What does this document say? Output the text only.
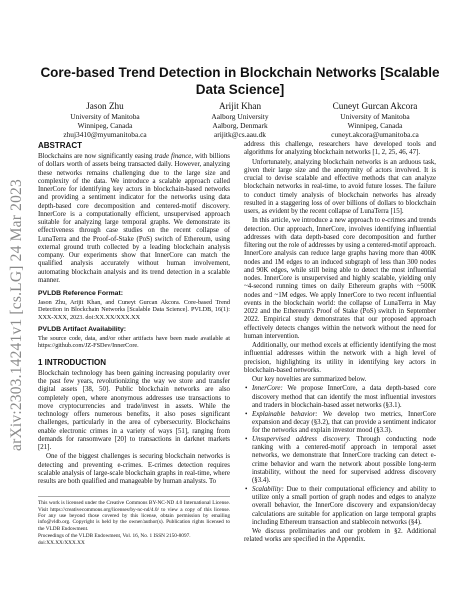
arXiv:2303.14241v1 [cs.LG] 24 Mar 2023
Core-based Trend Detection in Blockchain Networks [Scalable Data Science]
Jason Zhu
University of Manitoba
Winnipeg, Canada
zhuj3410@myumanitoba.ca
Arijit Khan
Aalborg University
Aalborg, Denmark
arijitk@cs.aau.dk
Cuneyt Gurcan Akcora
University of Manitoba
Winnipeg, Canada
cuneyt.akcora@umanitoba.ca
ABSTRACT

Blockchains are now significantly easing trade finance, with billions of dollars worth of assets being transacted daily. However, analyzing these networks remains challenging due to the large size and complexity of the data. We introduce a scalable approach called InnerCore for identifying key actors in blockchain-based networks and providing a sentiment indicator for the networks using data depth-based core decomposition and centered-motif discovery. InnerCore is a computationally efficient, unsupervised approach suitable for analyzing large temporal graphs. We demonstrate its effectiveness through case studies on the recent collapse of LunaTerra and the Proof-of-Stake (PoS) switch of Ethereum, using external ground truth collected by a leading blockchain analysis company. Our experiments show that InnerCore can match the qualified analysis accurately without human involvement, automating blockchain analysis and its trend detection in a scalable manner.

PVLDB Reference Format:

Jason Zhu, Arijit Khan, and Cuneyt Gurcan Akcora. Core-based Trend Detection in Blockchain Networks [Scalable Data Science]. PVLDB, 16(1): XXX-XXX, 2023. doi:XX.XX/XXX.XX

PVLDB Artifact Availability:

The source code, data, and/or other artifacts have been made available at https://github.com/JZ-FSDev/InnerCore.

1 INTRODUCTION

Blockchain technology has been gaining increasing popularity over the past few years, revolutionizing the way we store and transfer digital assets [38, 50]. Public blockchain networks are also completely open, where anonymous addresses use transactions to move cryptocurrencies and trade/invest in assets. While the technology offers numerous benefits, it also poses significant challenges, particularly in the area of cybersecurity. Blockchains enable electronic crimes in a variety of ways [51], ranging from demands for ransomware [20] to transactions in darknet markets [21].

One of the biggest challenges is securing blockchain networks is detecting and preventing e-crimes. E-crimes detection requires scalable analysis of large-scale blockchain graphs in real-time, where results are both qualified and manageable by human analysts. To

This work is licensed under the Creative Commons BY-NC-ND 4.0 International License. Visit https://creativecommons.org/licenses/by-nc-nd/4.0/ to view a copy of this license. For any use beyond those covered by this license, obtain permission by emailing info@vldb.org. Copyright is held by the owner/author(s). Publication rights licensed to the VLDB Endowment.

Proceedings of the VLDB Endowment, Vol. 16, No. 1 ISSN 2150-8097.

doi:XX.XX/XXX.XX

address this challenge, researchers have developed tools and algorithms for analyzing blockchain networks [1, 2, 25, 46, 47].

Unfortunately, analyzing blockchain networks is an arduous task, given their large size and the anonymity of actors involved. It is crucial to devise scalable and effective methods that can analyze blockchain networks in real-time, to avoid future losses. The failure to conduct timely analysis of blockchain networks has already resulted in a staggering loss of over billions of dollars to blockchain users, as evident by the recent collapse of LunaTerra [15].

In this article, we introduce a new approach to e-crimes and trends detection. Our approach, InnerCore, involves identifying influential addresses with data depth-based core decomposition and further filtering out the role of addresses by using a centered-motif approach. InnerCore analysis can reduce large graphs having more than 400K nodes and 1M edges to an induced subgraph of less than 300 nodes and 90K edges, while still being able to detect the most influential nodes. InnerCore is unsupervised and highly scalable, yielding only ~4-second running times on daily Ethereum graphs with ~500K nodes and ~1M edges. We apply InnerCore to two recent influential events in the blockchain world: the collapse of LunaTerra in May 2022 and the Ethereum's Proof of Stake (PoS) switch in September 2022. Empirical study demonstrates that our proposed approach effectively detects changes within the network without the need for human intervention.

Additionally, our method excels at efficiently identifying the most influential addresses within the network with a high level of precision, highlighting its utility in identifying key actors in blockchain-based networks.

Our key novelties are summarized below.

• InnerCore: We propose InnerCore, a data depth-based core discovery method that can identify the most influential investors and traders in blockchain-based asset networks (§3.1).
• Explainable behavior: We develop two metrics, InnerCore expansion and decay (§3.2), that can provide a sentiment indicator for the networks and explain investor mood (§3.3).
• Unsupervised address discovery. Through conducting node ranking with a centered-motif approach in temporal asset networks, we demonstrate that InnerCore tracking can detect e-crime behavior and warn the network about possible long-term instability, without the need for supervised address discovery (§3.4).
• Scalability: Due to their computational efficiency and ability to utilize only a small portion of graph nodes and edges to analyze overall behavior, the InnerCore discovery and expansion/decay calculations are suitable for application on large temporal graphs including Ethereum transaction and stablecoin networks (§4).

We discuss preliminaries and our problem in §2. Additional related works are specified in the Appendix.
